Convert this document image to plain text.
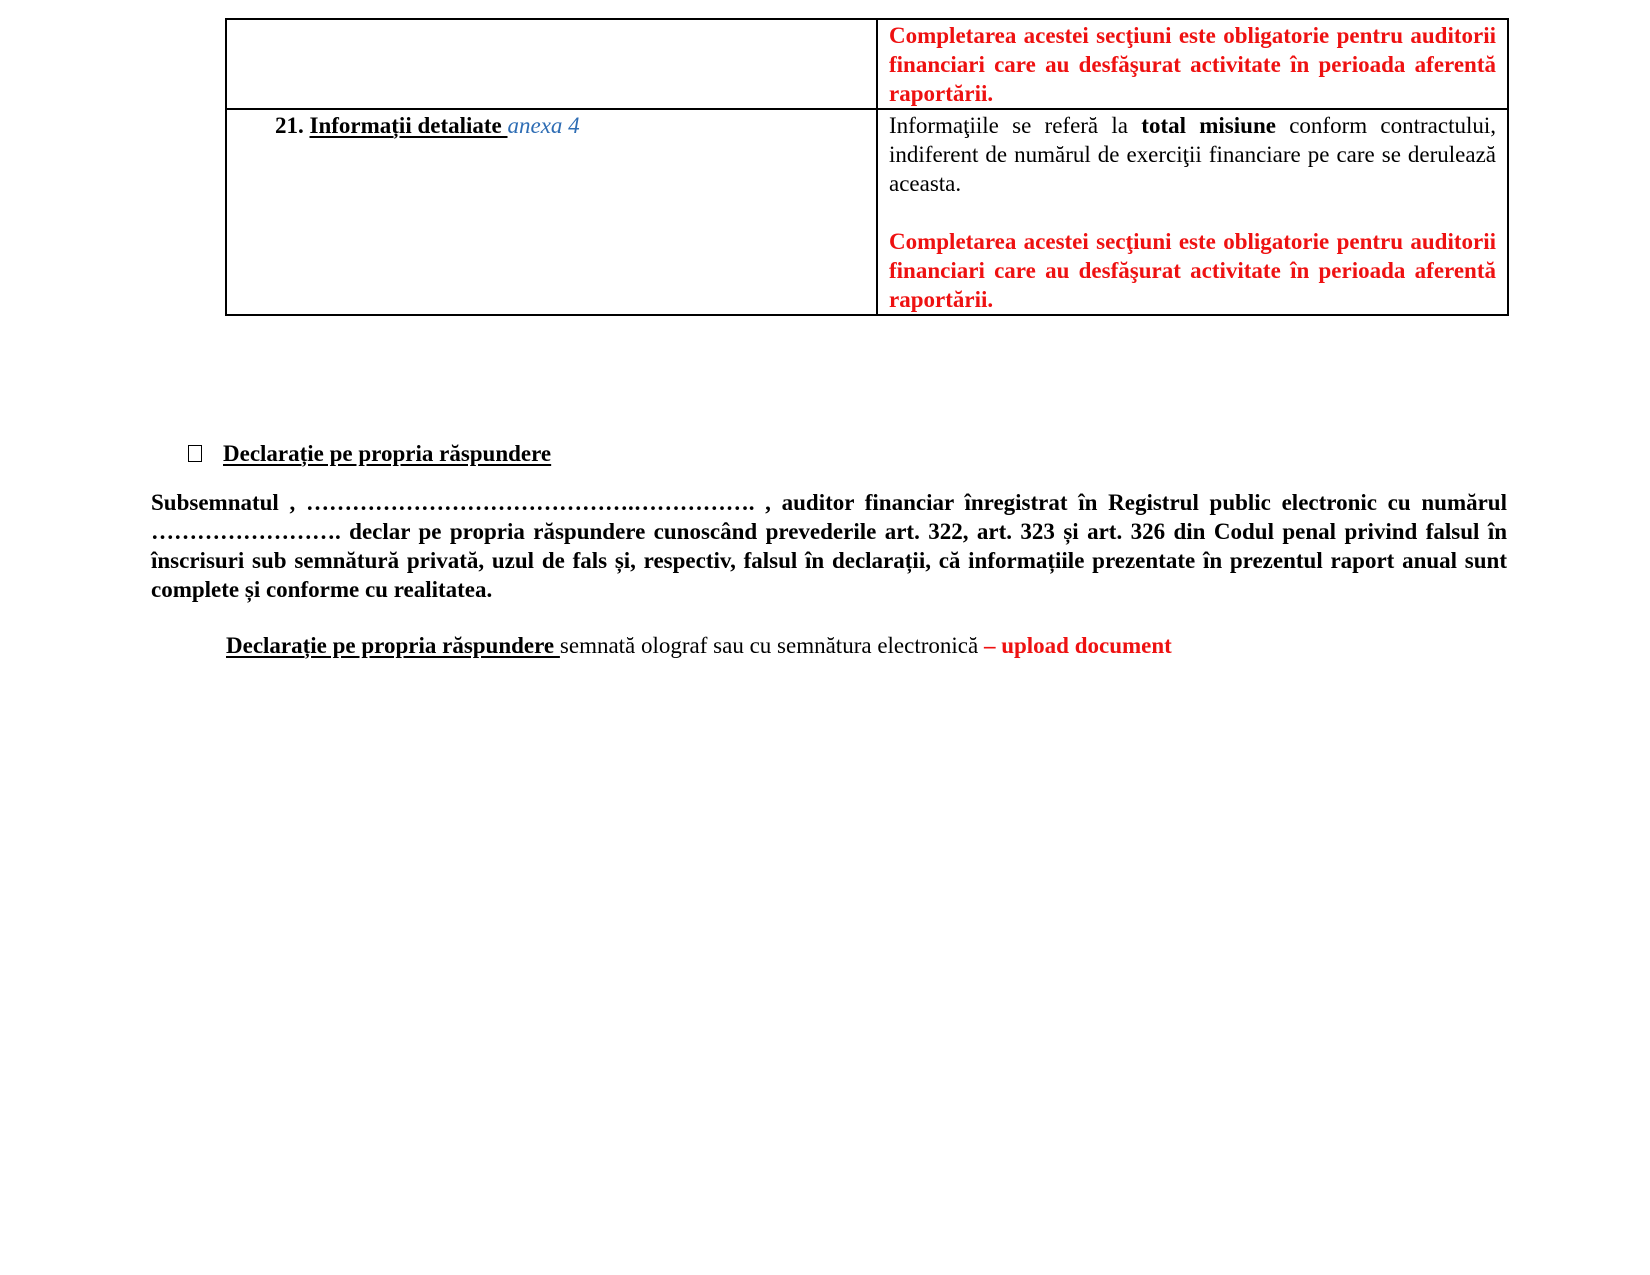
	Completarea acestei secţiuni este obligatorie pentru auditorii financiari care au desfăşurat activitate în perioada aferentă raportării.

21. Informații detaliate anexa 4	Informaţiile se referă la total misiune conform contractului, indiferent de numărul de exerciţii financiare pe care se derulează aceasta.
Completarea acestei secţiuni este obligatorie pentru auditorii financiari care au desfăşurat activitate în perioada aferentă raportării.
Declarație pe propria răspundere
Subsemnatul , …………………………………….……………. , auditor financiar înregistrat în Registrul public electronic cu numărul ……………………. declar pe propria răspundere cunoscând prevederile art. 322, art. 323 și art. 326 din Codul penal privind falsul în înscrisuri sub semnătură privată, uzul de fals și, respectiv, falsul în declarații, că informațiile prezentate în prezentul raport anual sunt complete și conforme cu realitatea.
Declarație pe propria răspundere semnată olograf sau cu semnătura electronică – upload document
